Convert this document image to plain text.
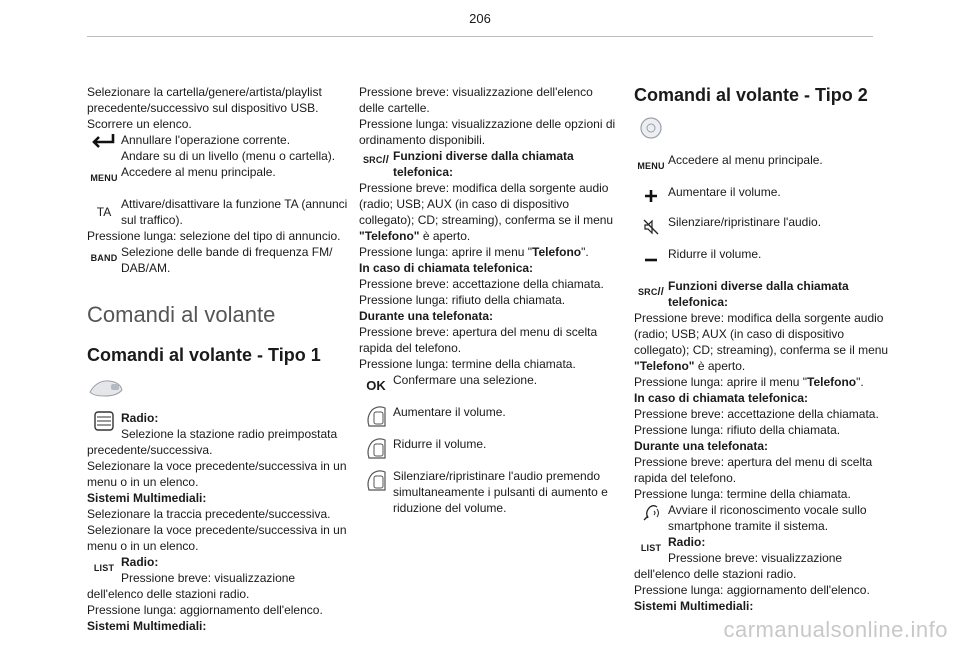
206

Selezionare la cartella/genere/artista/playlist

precedente/successivo sul dispositivo USB.

Scorrere un elenco.

Annullare l'operazione corrente.

Andare su di un livello (menu o cartella).

MENU Accedere al menu principale.

TA

Attivare/disattivare la funzione TA (annunci sul traffico).

Pressione lunga: selezione del tipo di annuncio.

BAND Selezione delle bande di frequenza FM/ DAB/AM.

Comandi al volante
Comandi al volante - Tipo 1

Radio:

Selezione la stazione radio preimpostata

precedente/successiva.

Selezionare la voce precedente/successiva in un menu o in un elenco.

Sistemi Multimediali:

Selezionare la traccia precedente/successiva.

Selezionare la voce precedente/successiva in un menu o in un elenco.

LIST Radio:

Pressione breve: visualizzazione

dell'elenco delle stazioni radio.

Pressione lunga: aggiornamento dell'elenco.

Sistemi Multimediali:

Pressione breve: visualizzazione dell'elenco delle cartelle.

Pressione lunga: visualizzazione delle opzioni di ordinamento disponibili.

SRC // Funzioni diverse dalla chiamata telefonica:

Pressione breve: modifica della sorgente audio (radio; USB; AUX (in caso di dispositivo collegato); CD; streaming), conferma se il menu

"Telefono" è aperto.

Pressione lunga: aprire il menu "Telefono".

In caso di chiamata telefonica:

Pressione breve: accettazione della chiamata.

Pressione lunga: rifiuto della chiamata.

Durante una telefonata:

Pressione breve: apertura del menu di scelta rapida del telefono.

Pressione lunga: termine della chiamata.

OK Confermare una selezione.

Aumentare il volume.

Ridurre il volume.

Silenziare/ripristinare l'audio premendo simultaneamente i pulsanti di aumento e riduzione del volume.

Comandi al volante - Tipo 2
MENU Accedere al menu principale.

Aumentare il volume.

Silenziare/ripristinare l'audio.

Ridurre il volume.

SRC // Funzioni diverse dalla chiamata telefonica:

Pressione breve: modifica della sorgente audio (radio; USB; AUX (in caso di dispositivo collegato); CD; streaming), conferma se il menu

"Telefono" è aperto.

Pressione lunga: aprire il menu "Telefono".

In caso di chiamata telefonica:

Pressione breve: accettazione della chiamata.

Pressione lunga: rifiuto della chiamata.

Durante una telefonata:

Pressione breve: apertura del menu di scelta rapida del telefono.

Pressione lunga: termine della chiamata.

Avviare il riconoscimento vocale sullo smartphone tramite il sistema.

LIST Radio:

Pressione breve: visualizzazione

dell'elenco delle stazioni radio.

Pressione lunga: aggiornamento dell'elenco.

Sistemi Multimediali:

carmanualsonline.info
